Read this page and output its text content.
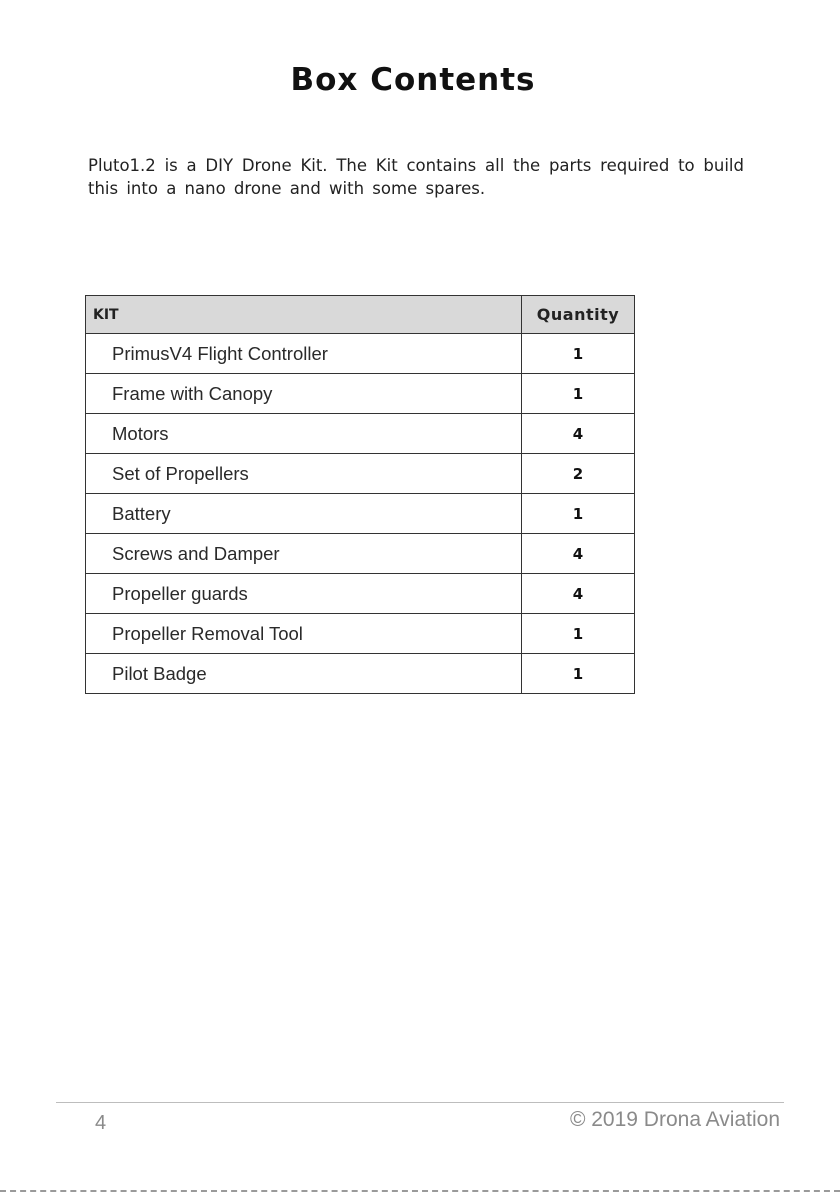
Box Contents
Pluto1.2 is a DIY Drone Kit. The Kit contains all the parts required to build this into a nano drone and with some spares.
KIT	Quantity
PrimusV4 Flight Controller	1
Frame with Canopy	1
Motors	4
Set of Propellers	2
Battery	1
Screws and Damper	4
Propeller guards	4
Propeller Removal Tool	1
Pilot Badge	1
4	© 2019 Drona Aviation
